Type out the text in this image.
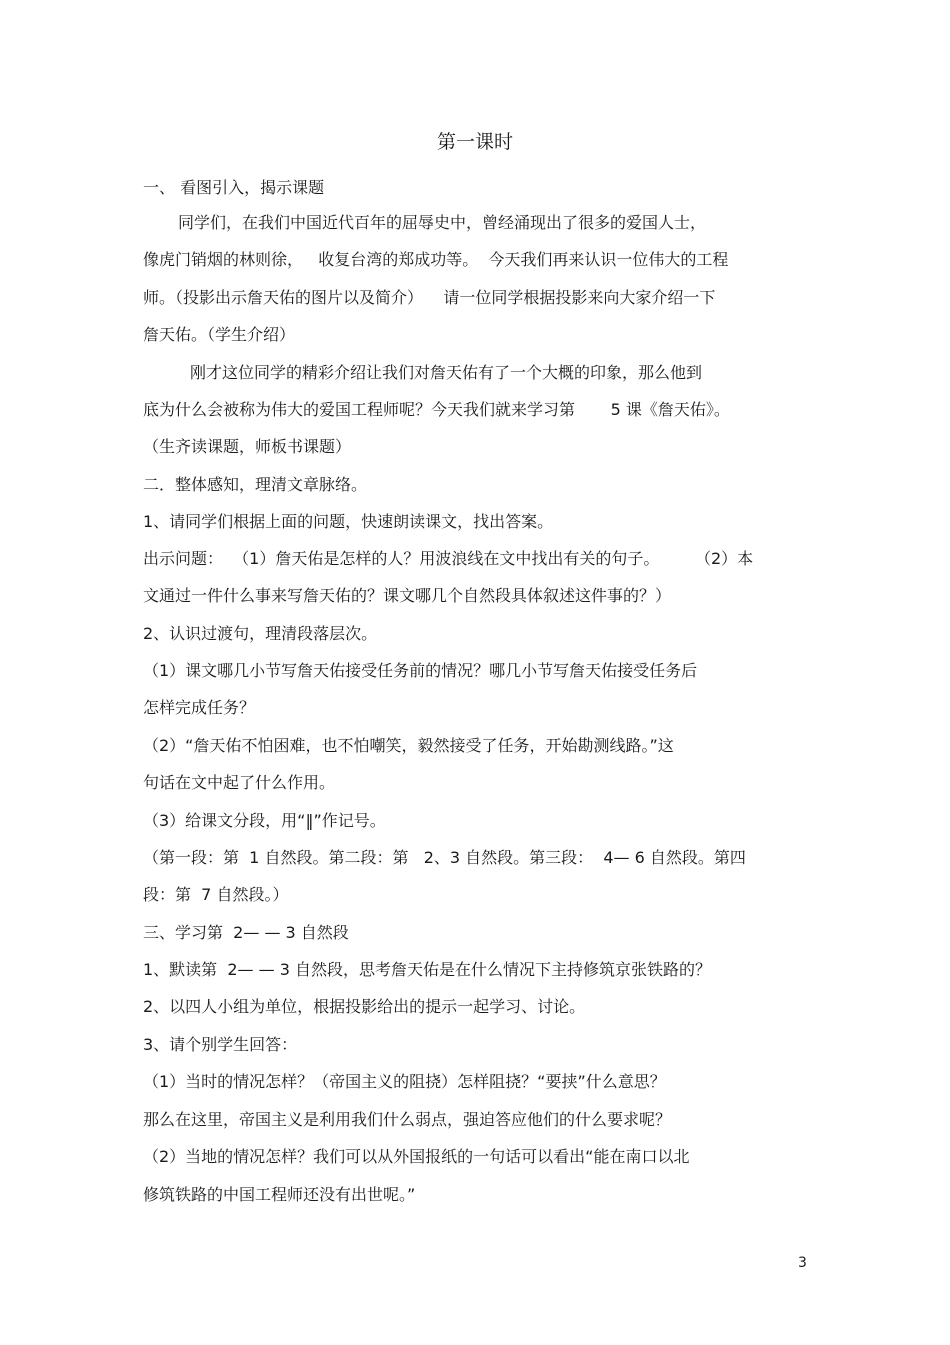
第一课时
一、 看图引入，揭示课题
同学们，在我们中国近代百年的屈辱史中，曾经涌现出了很多的爱国人士，
像虎门销烟的林则徐，   收复台湾的郑成功等。  今天我们再来认识一位伟大的工程
师。（投影出示詹天佑的图片以及简介）    请一位同学根据投影来向大家介绍一下
詹天佑。（学生介绍）
刚才这位同学的精彩介绍让我们对詹天佑有了一个大概的印象，那么他到
底为什么会被称为伟大的爱国工程师呢？今天我们就来学习第       5 课《詹天佑》。
（生齐读课题，师板书课题）
二．整体感知，理清文章脉络。
1、请同学们根据上面的问题，快速朗读课文，找出答案。
出示问题：  （1）詹天佑是怎样的人？用波浪线在文中找出有关的句子。       （2）本
文通过一件什么事来写詹天佑的？课文哪几个自然段具体叙述这件事的？）
2、认识过渡句，理清段落层次。
（1）课文哪几小节写詹天佑接受任务前的情况？哪几小节写詹天佑接受任务后
怎样完成任务？
（2）“詹天佑不怕困难，也不怕嘲笑，毅然接受了任务，开始勘测线路。”这
句话在文中起了什么作用。
（3）给课文分段，用“‖”作记号。
（第一段：第  1 自然段。第二段：第   2、3 自然段。第三段：  4— 6 自然段。第四
段：第  7 自然段。）
三、学习第  2— — 3 自然段
1、默读第  2— — 3 自然段，思考詹天佑是在什么情况下主持修筑京张铁路的？
2、以四人小组为单位，根据投影给出的提示一起学习、讨论。
3、请个别学生回答：
（1）当时的情况怎样？（帝国主义的阻挠）怎样阻挠？“要挟”什么意思？
那么在这里，帝国主义是利用我们什么弱点，强迫答应他们的什么要求呢？
（2）当地的情况怎样？我们可以从外国报纸的一句话可以看出“能在南口以北
修筑铁路的中国工程师还没有出世呢。”
3
